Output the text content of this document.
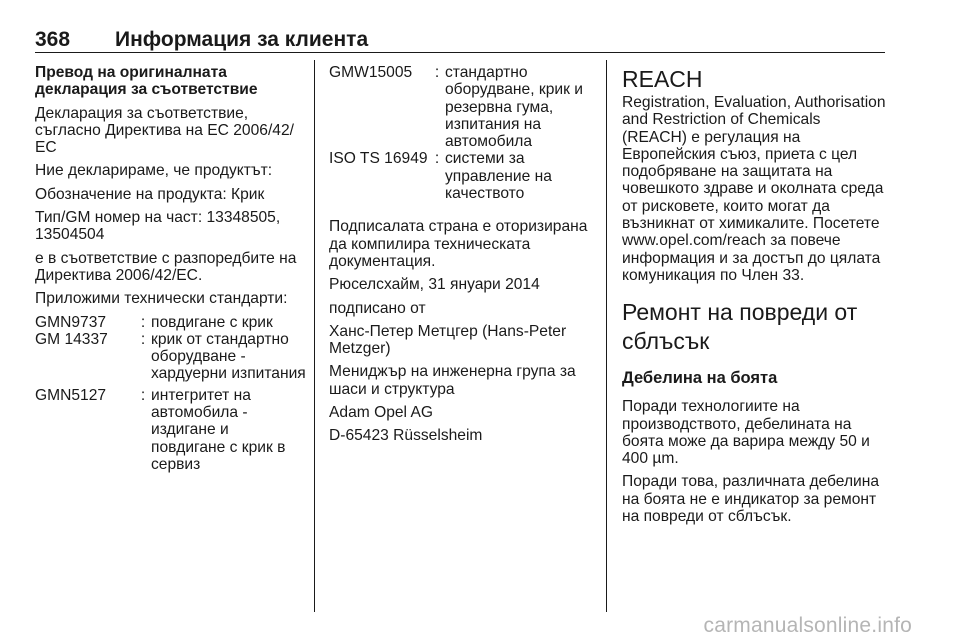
368 Информация за клиента
Превод на оригиналната
декларация за съответствие
Декларация за съответствие, съгласно Директива на ЕС 2006/42/ЕС
Ние декларираме, че продуктът:
Обозначение на продукта: Крик
Тип/GM номер на част: 13348505, 13504504
е в съответствие с разпоредбите на Директива 2006/42/ЕС.
Приложими технически стандарти:
GMN9737	:	повдигане с крик
GM 14337	:	крик от стандартно оборудване - хардуерни изпитания
GMN5127	:	интегритет на автомобила - издигане и повдигане с крик в сервиз
GMW15005	:	стандартно оборудване, крик и резервна гума, изпитания на автомобила
ISO TS 16949	:	системи за управление на качеството
Подписалата страна е оторизирана да компилира техническата документация.
Рюселсхайм, 31 януари 2014
подписано от
Ханс-Петер Метцгер (Hans-Peter Metzger)
Мениджър на инженерна група за шаси и структура
Adam Opel AG
D-65423 Rüsselsheim
REACH
Registration, Evaluation, Authorisation and Restriction of Chemicals (REACH) е регулация на Европейския съюз, приета с цел подобряване на защитата на човешкото здраве и околната среда от рисковете, които могат да възникнат от химикалите. Посетете www.opel.com/reach за повече информация и за достъп до цялата комуникация по Член 33.
Ремонт на повреди от сблъсък
Дебелина на боята
Поради технологиите на производството, дебелината на боята може да варира между 50 и 400 µm.
Поради това, различната дебелина на боята не е индикатор за ремонт на повреди от сблъсък.
carmanualsonline.info
